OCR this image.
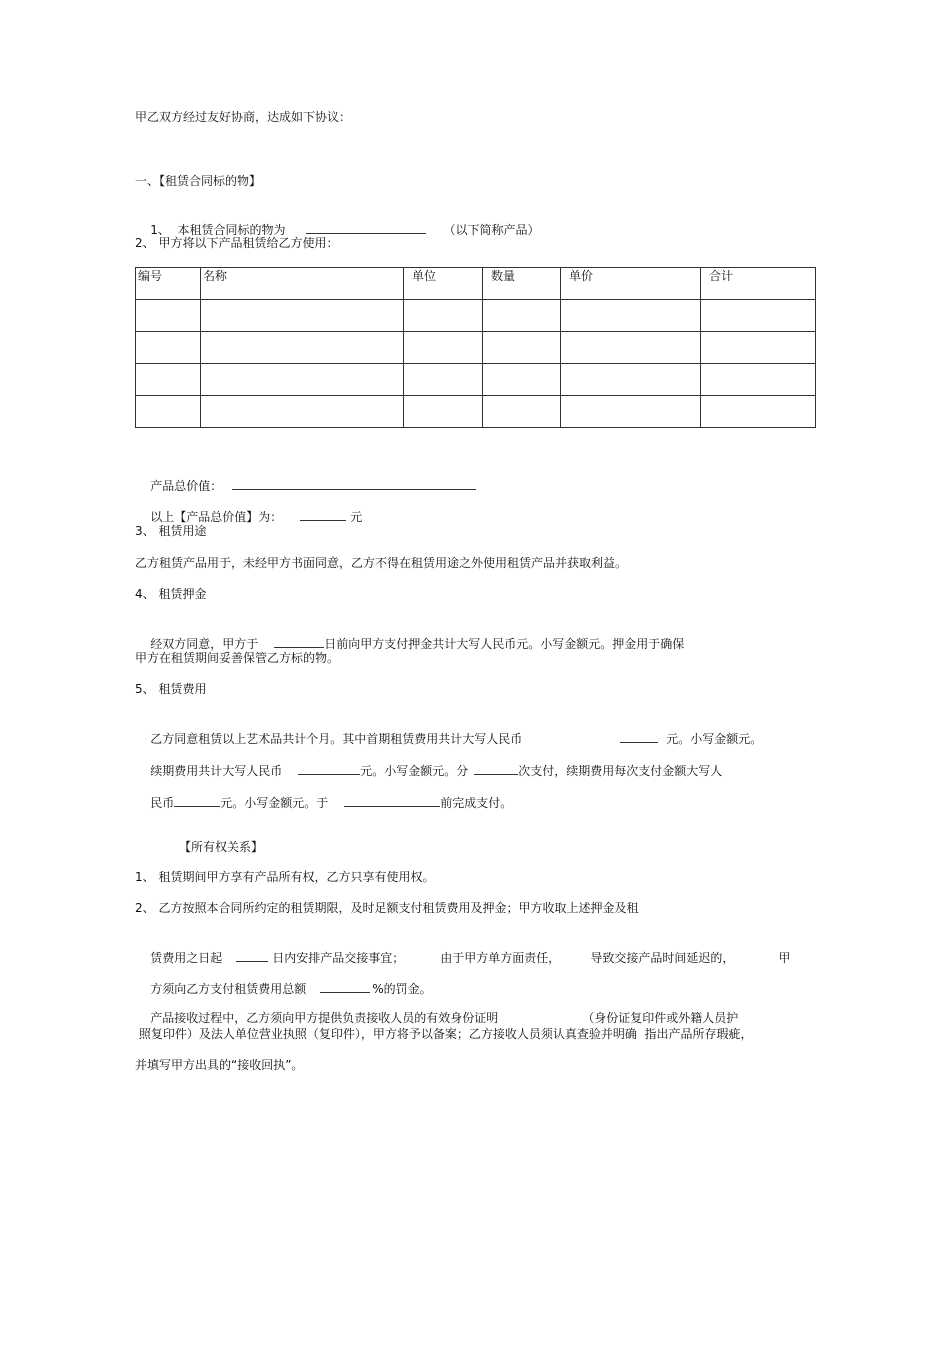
甲乙双方经过友好协商，达成如下协议：
一、【租赁合同标的物】

1、  本租赁合同标的物为	（以下简称产品）

2、 甲方将以下产品租赁给乙方使用：
编号	名称	单位	数量	单价	合计

产品总价值：

以上【产品总价值】为：	元

3、 租赁用途
乙方租赁产品用于，未经甲方书面同意，乙方不得在租赁用途之外使用租赁产品并获取利益。
4、 租赁押金

经双方同意，甲方于	日前向甲方支付押金共计大写人民币元。小写金额元。押金用于确保

甲方在租赁期间妥善保管乙方标的物。
5、 租赁费用

乙方同意租赁以上艺术品共计个月。其中首期租赁费用共计大写人民币	元。小写金额元。

续期费用共计大写人民币	元。小写金额元。分	次支付，续期费用每次支付金额大写人

民币	元。小写金额元。于	前完成支付。

【所有权关系】
1、 租赁期间甲方享有产品所有权，乙方只享有使用权。
2、 乙方按照本合同所约定的租赁期限，及时足额支付租赁费用及押金；甲方收取上述押金及租

赁费用之日起	日内安排产品交接事宜；	由于甲方单方面责任，	导致交接产品时间延迟的，	甲

方须向乙方支付租赁费用总额	%的罚金。

产品接收过程中，乙方须向甲方提供负责接收人员的有效身份证明	（身份证复印件或外籍人员护

照复印件）及法人单位营业执照（复印件），甲方将予以备案；乙方接收人员须认真查验并明确  指出产品所存瑕疵，
并填写甲方出具的“接收回执”。
